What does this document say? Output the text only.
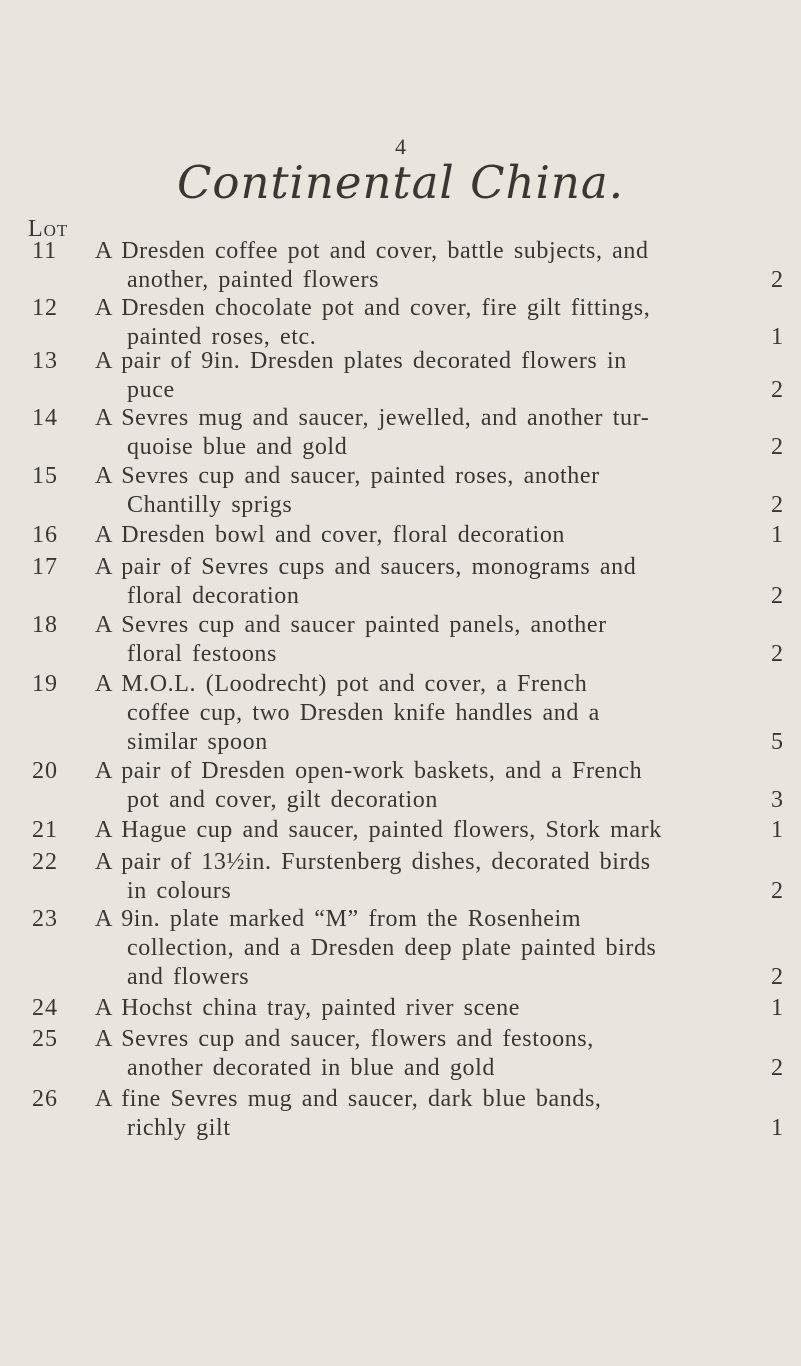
4
Continental China.
Lot
11	A Dresden coffee pot and cover, battle subjects, and
another, painted flowers	2
12	A Dresden chocolate pot and cover, fire gilt fittings,
painted roses, etc.	1
13	A pair of 9in. Dresden plates decorated flowers in
puce	2
14	A Sevres mug and saucer, jewelled, and another tur-
quoise blue and gold	2
15	A Sevres cup and saucer, painted roses, another
Chantilly sprigs	2
16	A Dresden bowl and cover, floral decoration	1
17	A pair of Sevres cups and saucers, monograms and
floral decoration	2
18	A Sevres cup and saucer painted panels, another
floral festoons	2
19	A M.O.L. (Loodrecht) pot and cover, a French
coffee cup, two Dresden knife handles and a
similar spoon	5
20	A pair of Dresden open-work baskets, and a French
pot and cover, gilt decoration	3
21	A Hague cup and saucer, painted flowers, Stork mark	1
22	A pair of 13½in. Furstenberg dishes, decorated birds
in colours	2
23	A 9in. plate marked “M” from the Rosenheim
collection, and a Dresden deep plate painted birds
and flowers	2
24	A Hochst china tray, painted river scene	1
25	A Sevres cup and saucer, flowers and festoons,
another decorated in blue and gold	2
26	A fine Sevres mug and saucer, dark blue bands,
richly gilt	1
